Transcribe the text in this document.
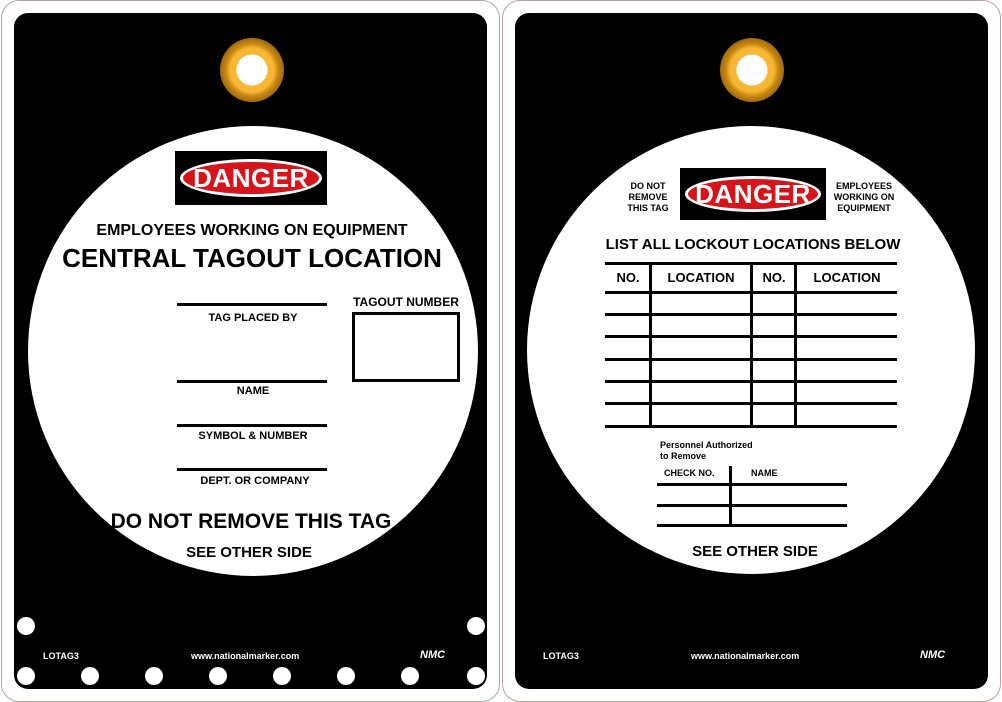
DANGER
EMPLOYEES WORKING ON EQUIPMENT
CENTRAL TAGOUT LOCATION
TAG PLACED BY
TAGOUT NUMBER
NAME
SYMBOL & NUMBER
DEPT. OR COMPANY
DO NOT REMOVE THIS TAG
SEE OTHER SIDE
LOTAG3	www.nationalmarker.com	NMC
DO NOT
REMOVE
THIS TAG DANGER	EMPLOYEES
WORKING ON
EQUIPMENT
LIST ALL LOCKOUT LOCATIONS BELOW
NO. LOCATION NO. LOCATION
Personnel Authorized
to Remove
CHECK NO.	NAME
SEE OTHER SIDE
LOTAG3	www.nationalmarker.com	NMC
